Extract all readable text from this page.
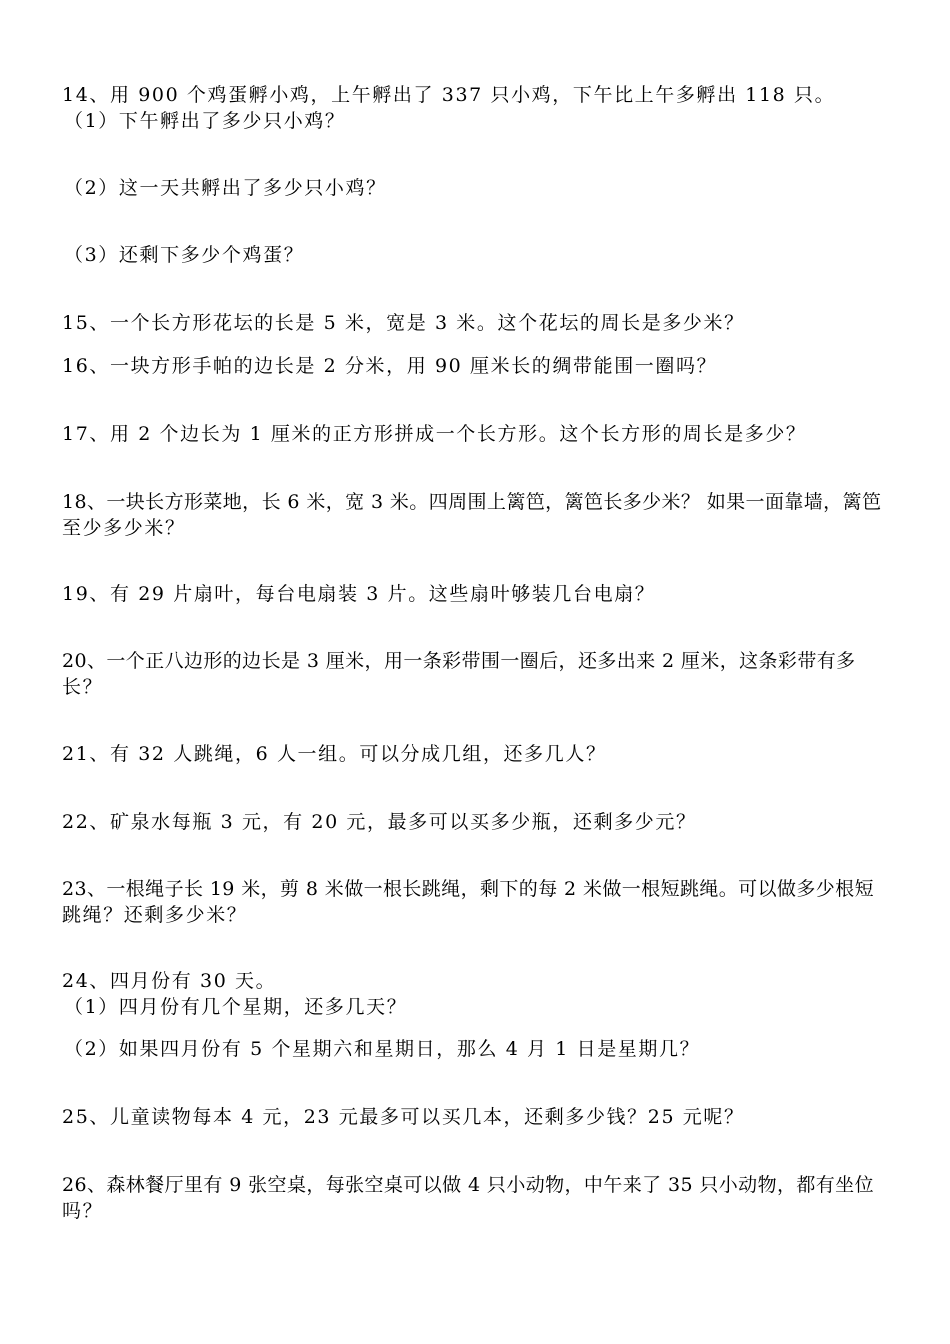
14、用 900 个鸡蛋孵小鸡，上午孵出了 337 只小鸡，下午比上午多孵出 118 只。
（1）下午孵出了多少只小鸡？
（2）这一天共孵出了多少只小鸡？
（3）还剩下多少个鸡蛋？
15、一个长方形花坛的长是 5 米，宽是 3 米。这个花坛的周长是多少米？
16、一块方形手帕的边长是 2 分米，用 90 厘米长的绸带能围一圈吗？
17、用 2 个边长为 1 厘米的正方形拼成一个长方形。这个长方形的周长是多少？
18、一块长方形菜地，长 6 米，宽 3 米。四周围上篱笆，篱笆长多少米？ 如果一面靠墙，篱笆
至少多少米？
19、有 29 片扇叶，每台电扇装 3 片。这些扇叶够装几台电扇？
20、一个正八边形的边长是 3 厘米，用一条彩带围一圈后，还多出来 2 厘米，这条彩带有多
长？
21、有 32 人跳绳，6 人一组。可以分成几组，还多几人？
22、矿泉水每瓶 3 元，有 20 元，最多可以买多少瓶，还剩多少元？
23、一根绳子长 19 米，剪 8 米做一根长跳绳，剩下的每 2 米做一根短跳绳。可以做多少根短
跳绳？还剩多少米？
24、四月份有 30 天。
（1）四月份有几个星期，还多几天？
（2）如果四月份有 5 个星期六和星期日，那么 4 月 1 日是星期几？
25、儿童读物每本 4 元，23 元最多可以买几本，还剩多少钱？25 元呢？
26、森林餐厅里有 9 张空桌，每张空桌可以做 4 只小动物，中午来了 35 只小动物，都有坐位
吗？
